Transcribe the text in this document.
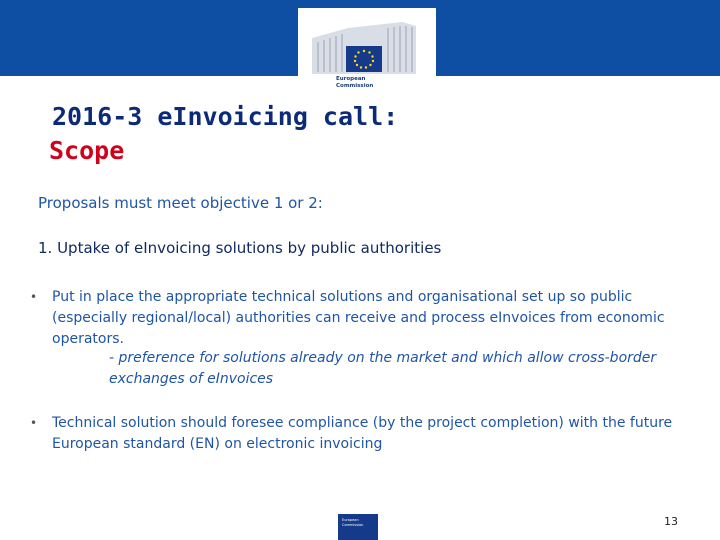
European
Commission
2016-3 eInvoicing call:
Scope
Proposals must meet objective 1 or 2:
1. Uptake of eInvoicing solutions by public authorities
•	Put in place the appropriate technical solutions and organisational set up so public (especially regional/local) authorities can receive and process eInvoices from economic operators.
- preference for solutions already on the market and which allow cross-border exchanges of eInvoices
•	Technical solution should foresee compliance (by the project completion) with the future European standard (EN) on electronic invoicing
European Commission	13
